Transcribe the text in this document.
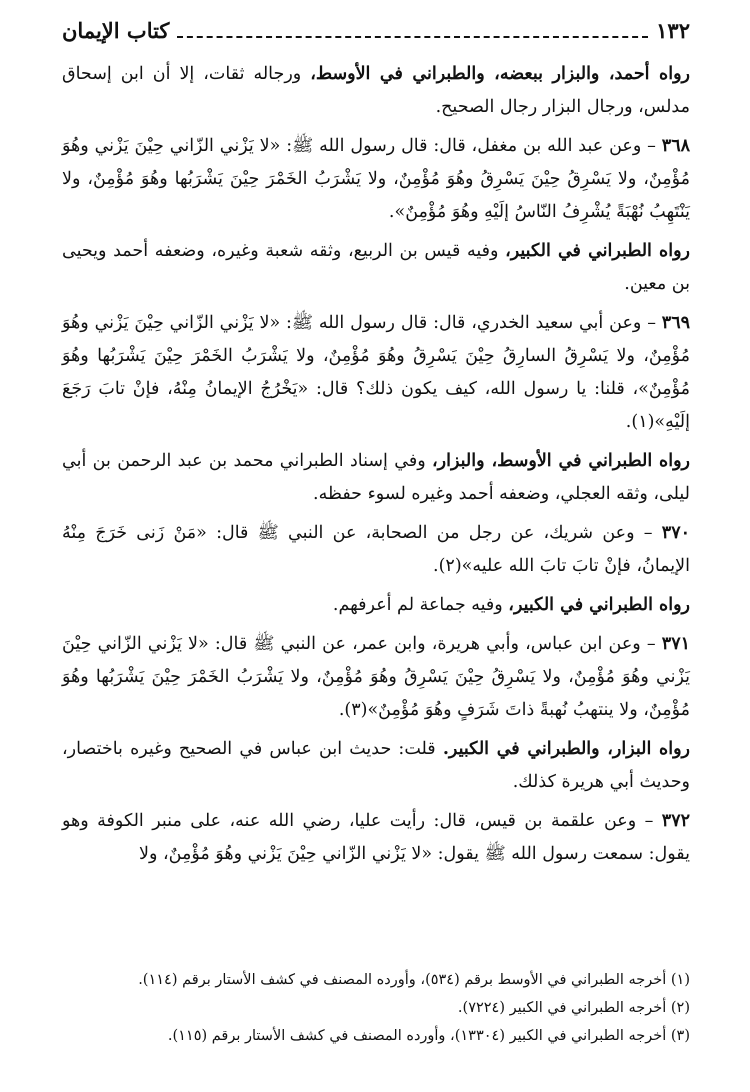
١٣٢
كتاب الإيمان

رواه أحمد، والبزار ببعضه، والطبراني في الأوسط، ورجاله ثقات، إلا أن ابن إسحاق مدلس، ورجال البزار رجال الصحيح.

٣٦٨ – وعن عبد الله بن مغفل، قال: قال رسول الله ﷺ: «لا يَزْني الزّاني حِيْنَ يَزْني وهُوَ مُؤْمِنٌ، ولا يَسْرِقُ حِيْنَ يَسْرِقُ وهُوَ مُؤْمِنٌ، ولا يَشْرَبُ الخَمْرَ حِيْنَ يَشْرَبُها وهُوَ مُؤْمِنٌ، ولا يَنْتَهِبُ نُهْبَةً يُشْرِفُ النّاسُ إلَيْهِ وهُوَ مُؤْمِنٌ».

رواه الطبراني في الكبير، وفيه قيس بن الربيع، وثقه شعبة وغيره، وضعفه أحمد ويحيى بن معين.

٣٦٩ – وعن أبي سعيد الخدري، قال: قال رسول الله ﷺ: «لا يَزْني الزّاني حِيْنَ يَزْني وهُوَ مُؤْمِنٌ، ولا يَسْرِقُ السارِقُ حِيْنَ يَسْرِقُ وهُوَ مُؤْمِنٌ، ولا يَشْرَبُ الخَمْرَ حِيْنَ يَشْرَبُها وهُوَ مُؤْمِنٌ»، قلنا: يا رسول الله، كيف يكون ذلك؟ قال: «يَخْرُجُ الإيمانُ مِنْهُ، فإنْ تابَ رَجَعَ إلَيْهِ»(١).

رواه الطبراني في الأوسط، والبزار، وفي إسناد الطبراني محمد بن عبد الرحمن بن أبي ليلى، وثقه العجلي، وضعفه أحمد وغيره لسوء حفظه.

٣٧٠ – وعن شريك، عن رجل من الصحابة، عن النبي ﷺ قال: «مَنْ زَنى خَرَجَ مِنْهُ الإيمانُ، فإنْ تابَ تابَ الله عليه»(٢).

رواه الطبراني في الكبير، وفيه جماعة لم أعرفهم.

٣٧١ – وعن ابن عباس، وأبي هريرة، وابن عمر، عن النبي ﷺ قال: «لا يَزْني الزّاني حِيْنَ يَزْني وهُوَ مُؤْمِنٌ، ولا يَسْرِقُ حِيْنَ يَسْرِقُ وهُوَ مُؤْمِنٌ، ولا يَشْرَبُ الخَمْرَ حِيْنَ يَشْرَبُها وهُوَ مُؤْمِنٌ، ولا ينتهبُ نُهبةً ذاتَ شَرَفٍ وهُوَ مُؤْمِنٌ»(٣).

رواه البزار، والطبراني في الكبير. قلت: حديث ابن عباس في الصحيح وغيره باختصار، وحديث أبي هريرة كذلك.

٣٧٢ – وعن علقمة بن قيس، قال: رأيت عليا، رضي الله عنه، على منبر الكوفة وهو يقول: سمعت رسول الله ﷺ يقول: «لا يَزْني الزّاني حِيْنَ يَزْني وهُوَ مُؤْمِنٌ، ولا

(١) أخرجه الطبراني في الأوسط برقم (٥٣٤)، وأورده المصنف في كشف الأستار برقم (١١٤).

(٢) أخرجه الطبراني في الكبير (٧٢٢٤).

(٣) أخرجه الطبراني في الكبير (١٣٣٠٤)، وأورده المصنف في كشف الأستار برقم (١١٥).
